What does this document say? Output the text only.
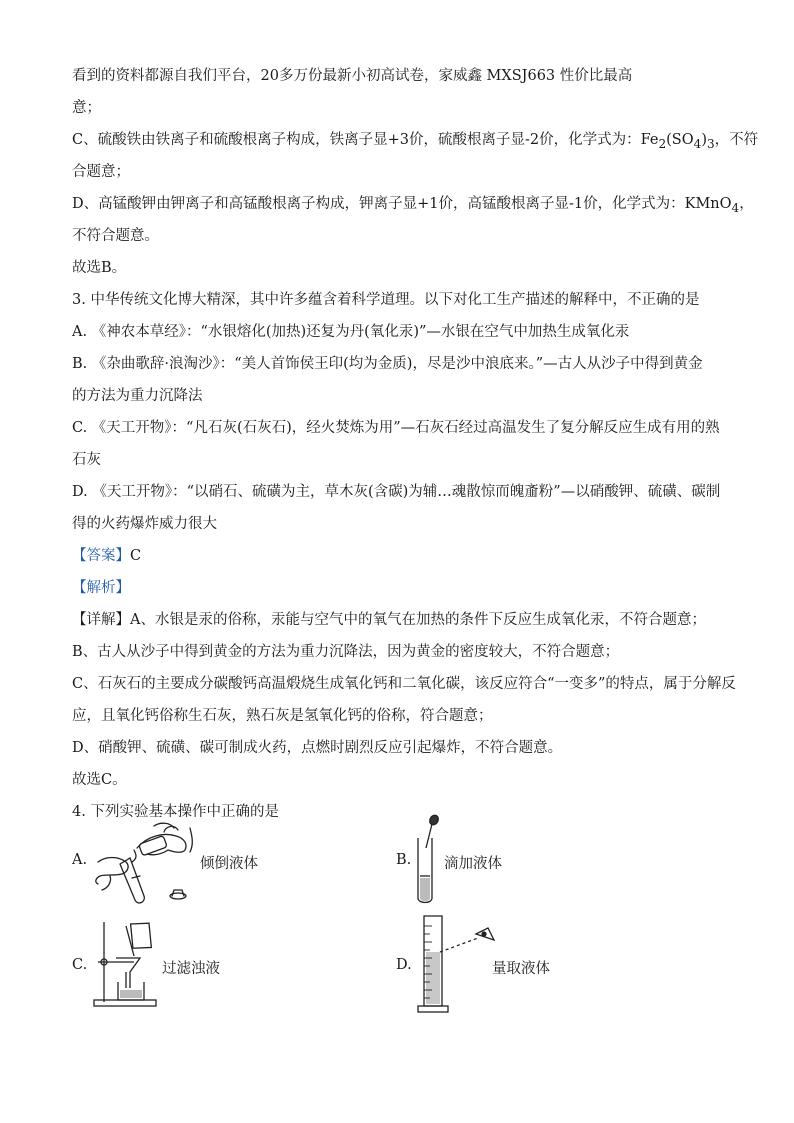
看到的资料都源自我们平台，20多万份最新小初高试卷，家威鑫 MXSJ663 性价比最高
意；
C、硫酸铁由铁离子和硫酸根离子构成，铁离子显+3价，硫酸根离子显-2价，化学式为：$Fe_2(SO_4)_3$，不符
合题意；
D、高锰酸钾由钾离子和高锰酸根离子构成，钾离子显+1价，高锰酸根离子显-1价，化学式为：KMnO$_4$，
不符合题意。
故选B。
3. 中华传统文化博大精深，其中许多蕴含着科学道理。以下对化工生产描述的解释中，不正确的是
A. 《神农本草经》：“水银熔化(加热)还复为丹(氧化汞)”—水银在空气中加热生成氧化汞
B. 《杂曲歌辞·浪淘沙》：“美人首饰侯王印(均为金质)，尽是沙中浪底来。”—古人从沙子中得到黄金
的方法为重力沉降法
C. 《天工开物》：“凡石灰(石灰石)，经火焚炼为用”—石灰石经过高温发生了复分解反应生成有用的熟
石灰
D. 《天工开物》：“以硝石、硫磺为主，草木灰(含碳)为辅…魂散惊而魄齑粉”—以硝酸钾、硫磺、碳制
得的火药爆炸威力很大
【答案】C
【解析】
【详解】A、水银是汞的俗称，汞能与空气中的氧气在加热的条件下反应生成氧化汞，不符合题意；
B、古人从沙子中得到黄金的方法为重力沉降法，因为黄金的密度较大，不符合题意；
C、石灰石的主要成分碳酸钙高温煅烧生成氧化钙和二氧化碳，该反应符合“一变多”的特点，属于分解反
应，且氧化钙俗称生石灰，熟石灰是氢氧化钙的俗称，符合题意；
D、硝酸钾、硫磺、碳可制成火药，点燃时剧烈反应引起爆炸，不符合题意。
故选C。
4. 下列实验基本操作中正确的是
A.	倾倒液体	B. 滴加液体
C.	过滤浊液	D.	量取液体
